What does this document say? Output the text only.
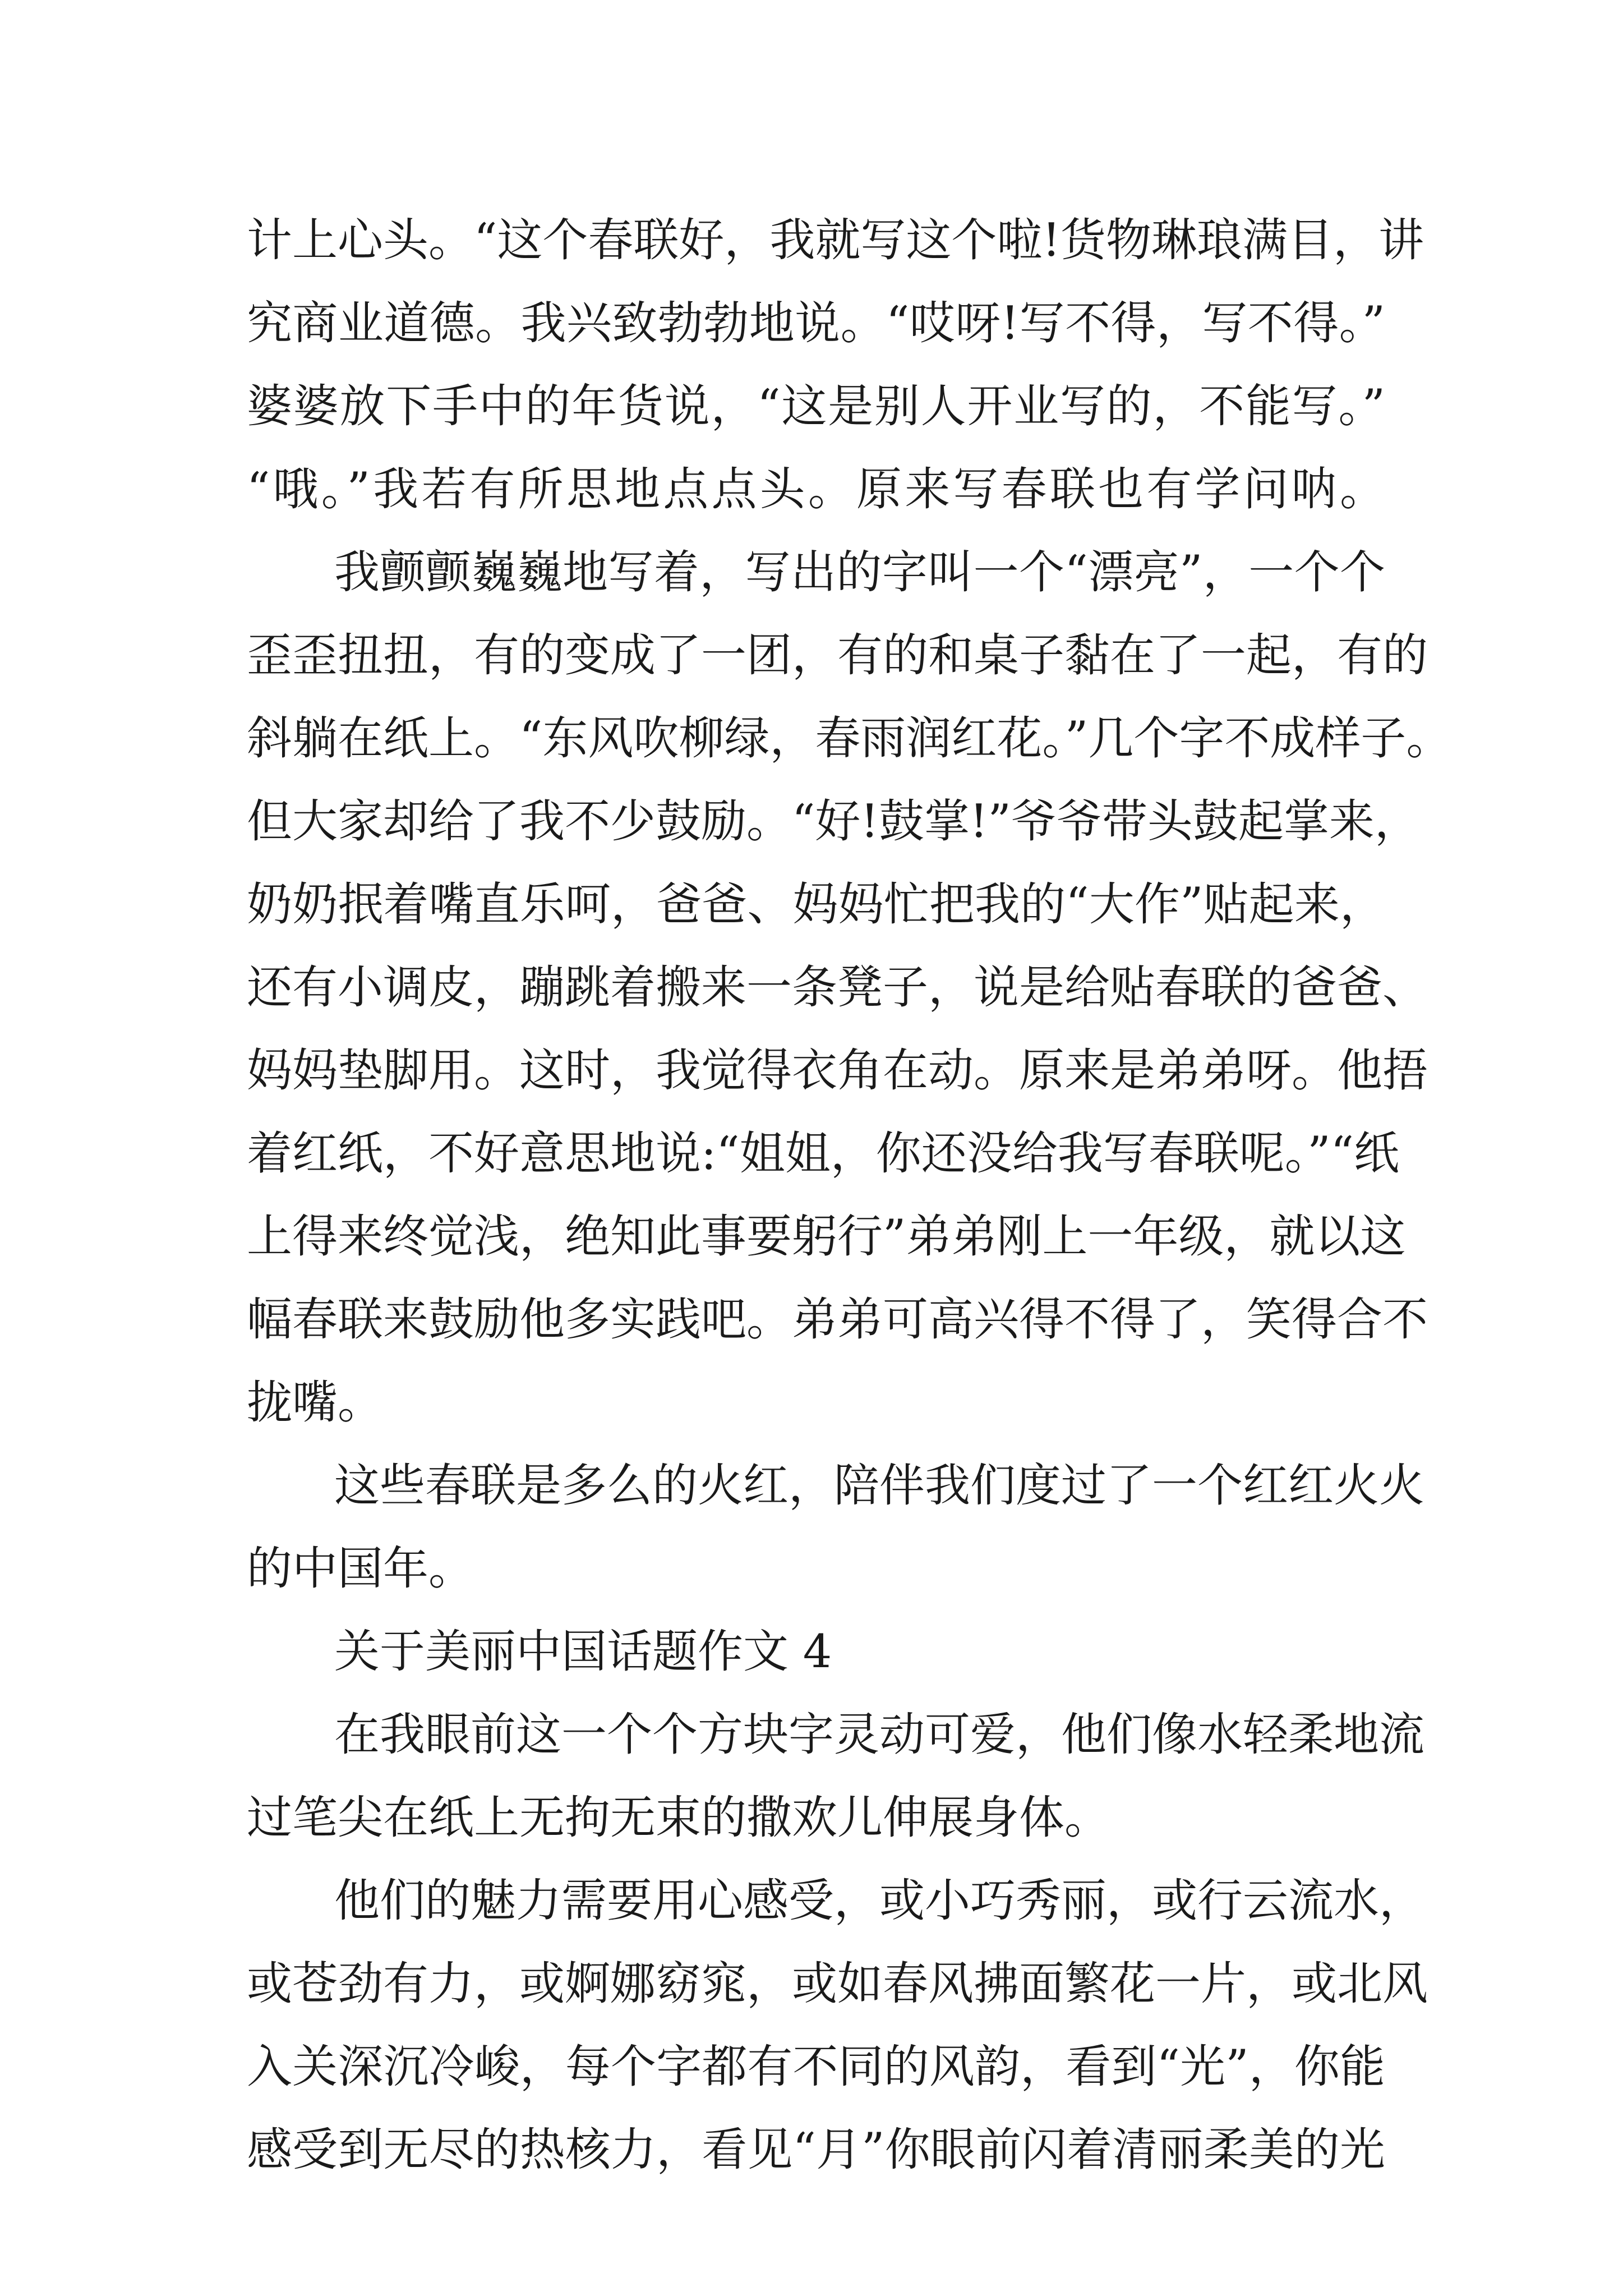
计上心头。“这个春联好，我就写这个啦!货物琳琅满目，讲
究商业道德。我兴致勃勃地说。“哎呀!写不得，写不得。”
婆婆放下手中的年货说，“这是别人开业写的，不能写。”
“哦。”我若有所思地点点头。原来写春联也有学问呐。
我颤颤巍巍地写着，写出的字叫一个“漂亮”，一个个
歪歪扭扭，有的变成了一团，有的和桌子黏在了一起，有的
斜躺在纸上。“东风吹柳绿，春雨润红花。”几个字不成样子。
但大家却给了我不少鼓励。“好!鼓掌!”爷爷带头鼓起掌来，
奶奶抿着嘴直乐呵，爸爸、妈妈忙把我的“大作”贴起来，
还有小调皮，蹦跳着搬来一条凳子，说是给贴春联的爸爸、
妈妈垫脚用。这时，我觉得衣角在动。原来是弟弟呀。他捂
着红纸，不好意思地说:“姐姐，你还没给我写春联呢。”“纸
上得来终觉浅，绝知此事要躬行”弟弟刚上一年级，就以这
幅春联来鼓励他多实践吧。弟弟可高兴得不得了，笑得合不
拢嘴。
这些春联是多么的火红，陪伴我们度过了一个红红火火
的中国年。
关于美丽中国话题作文 4
在我眼前这一个个方块字灵动可爱，他们像水轻柔地流
过笔尖在纸上无拘无束的撒欢儿伸展身体。
他们的魅力需要用心感受，或小巧秀丽，或行云流水，
或苍劲有力，或婀娜窈窕，或如春风拂面繁花一片，或北风
入关深沉冷峻，每个字都有不同的风韵，看到“光”，你能
感受到无尽的热核力，看见“月”你眼前闪着清丽柔美的光
